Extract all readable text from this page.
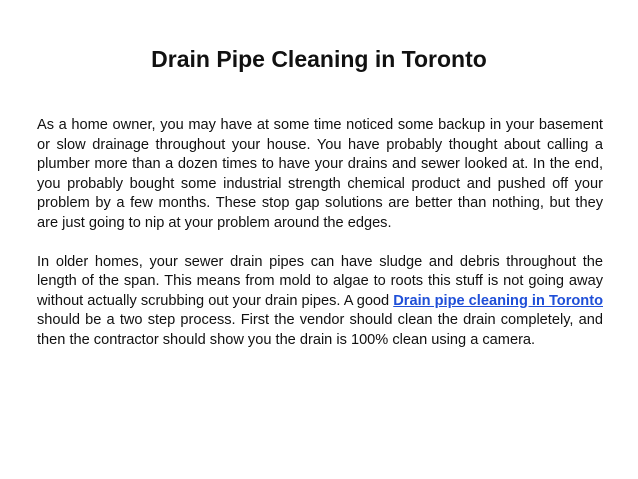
Drain Pipe Cleaning in Toronto

As a home owner, you may have at some time noticed some backup in your basement or slow drainage throughout your house. You have probably thought about calling a plumber more than a dozen times to have your drains and sewer looked at. In the end, you probably bought some industrial strength chemical product and pushed off your problem by a few months. These stop gap solutions are better than nothing, but they are just going to nip at your problem around the edges.

In older homes, your sewer drain pipes can have sludge and debris throughout the length of the span. This means from mold to algae to roots this stuff is not going away without actually scrubbing out your drain pipes. A good Drain pipe cleaning in Toronto should be a two step process. First the vendor should clean the drain completely, and then the contractor should show you the drain is 100% clean using a camera.
